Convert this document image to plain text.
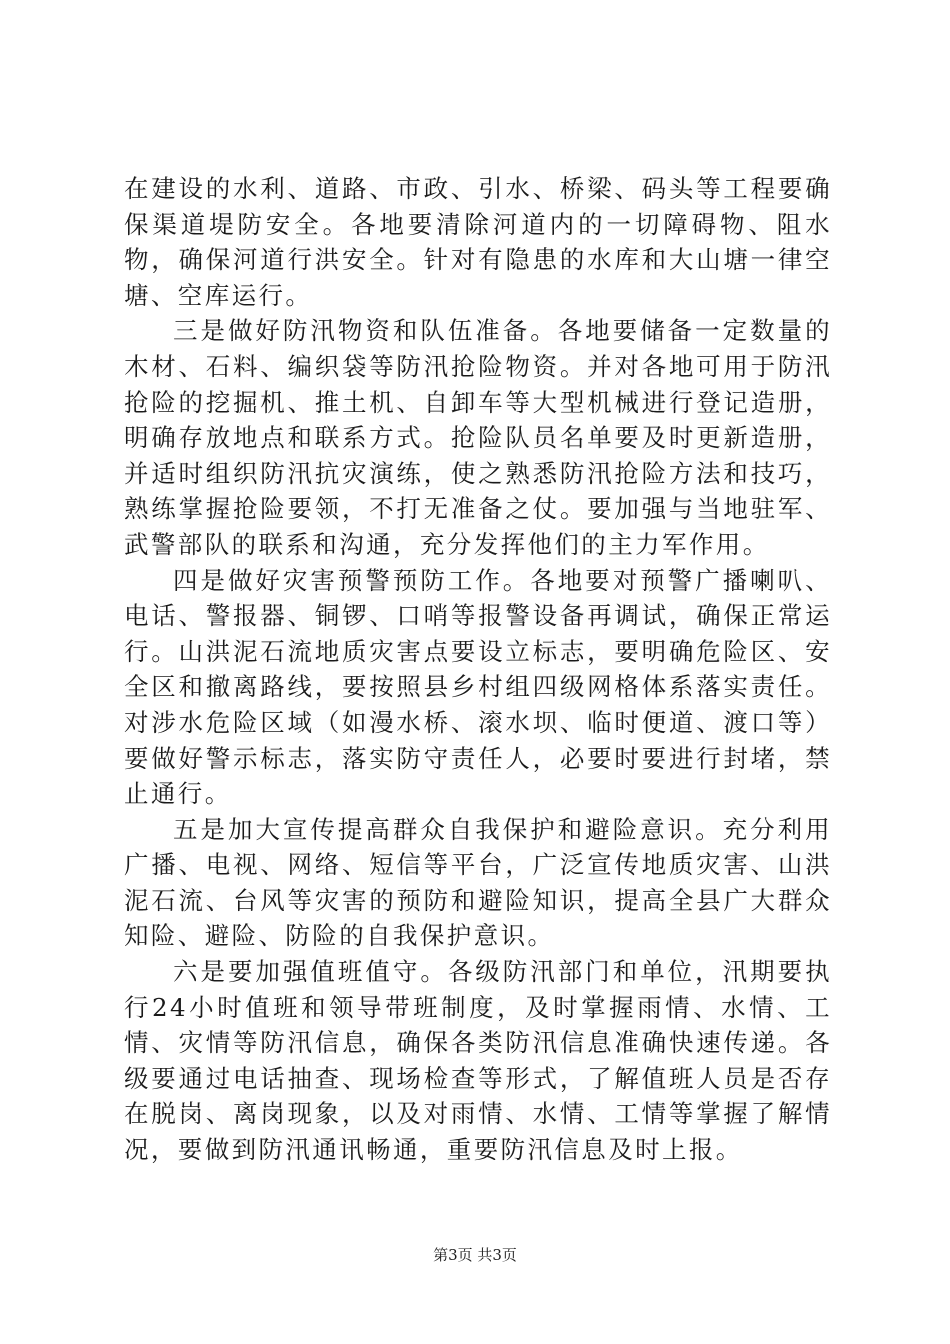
在建设的水利、道路、市政、引水、桥梁、码头等工程要确保渠道堤防安全。各地要清除河道内的一切障碍物、阻水物，确保河道行洪安全。针对有隐患的水库和大山塘一律空塘、空库运行。

三是做好防汛物资和队伍准备。各地要储备一定数量的木材、石料、编织袋等防汛抢险物资。并对各地可用于防汛抢险的挖掘机、推土机、自卸车等大型机械进行登记造册，明确存放地点和联系方式。抢险队员名单要及时更新造册，并适时组织防汛抗灾演练，使之熟悉防汛抢险方法和技巧，熟练掌握抢险要领，不打无准备之仗。要加强与当地驻军、武警部队的联系和沟通，充分发挥他们的主力军作用。

四是做好灾害预警预防工作。各地要对预警广播喇叭、电话、警报器、铜锣、口哨等报警设备再调试，确保正常运行。山洪泥石流地质灾害点要设立标志，要明确危险区、安全区和撤离路线，要按照县乡村组四级网格体系落实责任。对涉水危险区域（如漫水桥、滚水坝、临时便道、渡口等）要做好警示标志，落实防守责任人，必要时要进行封堵，禁止通行。

五是加大宣传提高群众自我保护和避险意识。充分利用广播、电视、网络、短信等平台，广泛宣传地质灾害、山洪泥石流、台风等灾害的预防和避险知识，提高全县广大群众知险、避险、防险的自我保护意识。

六是要加强值班值守。各级防汛部门和单位，汛期要执行24小时值班和领导带班制度，及时掌握雨情、水情、工情、灾情等防汛信息，确保各类防汛信息准确快速传递。各级要通过电话抽查、现场检查等形式，了解值班人员是否存在脱岗、离岗现象，以及对雨情、水情、工情等掌握了解情况，要做到防汛通讯畅通，重要防汛信息及时上报。

第3页 共3页
